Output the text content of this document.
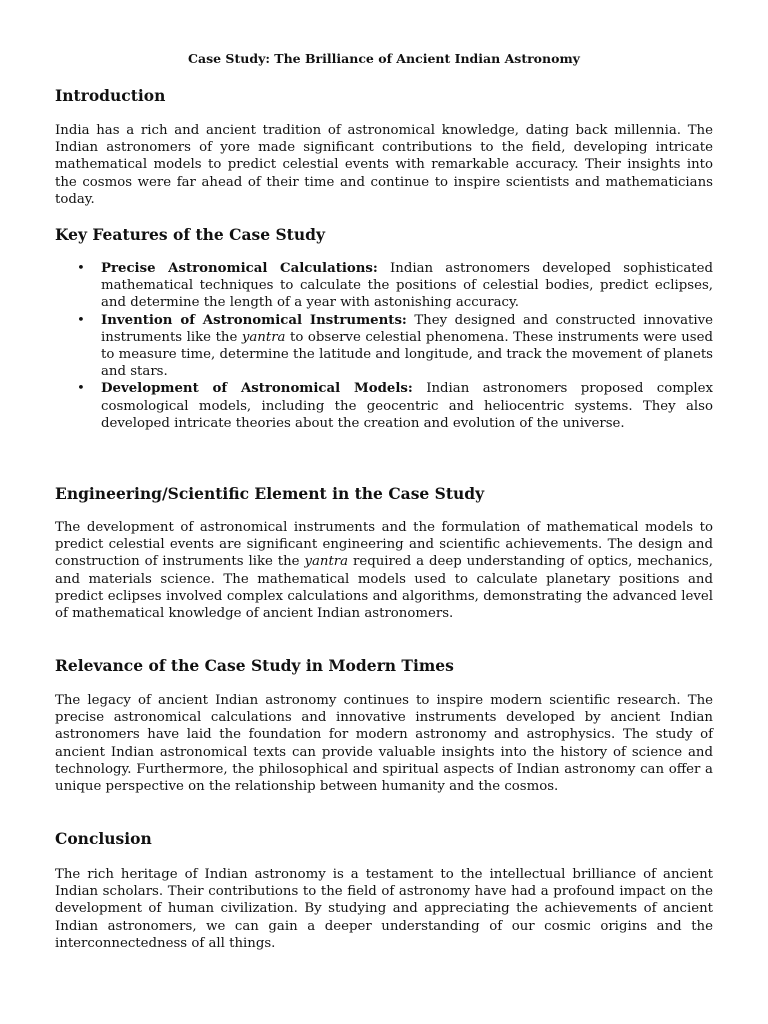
Case Study: The Brilliance of Ancient Indian Astronomy
Introduction

India has a rich and ancient tradition of astronomical knowledge, dating back millennia. The Indian astronomers of yore made significant contributions to the field, developing intricate mathematical models to predict celestial events with remarkable accuracy. Their insights into the cosmos were far ahead of their time and continue to inspire scientists and mathematicians today.

Key Features of the Case Study
• Precise Astronomical Calculations: Indian astronomers developed sophisticated mathematical techniques to calculate the positions of celestial bodies, predict eclipses, and determine the length of a year with astonishing accuracy.
• Invention of Astronomical Instruments: They designed and constructed innovative instruments like the yantra to observe celestial phenomena. These instruments were used to measure time, determine the latitude and longitude, and track the movement of planets and stars.
• Development of Astronomical Models: Indian astronomers proposed complex cosmological models, including the geocentric and heliocentric systems. They also developed intricate theories about the creation and evolution of the universe.
Engineering/Scientific Element in the Case Study

The development of astronomical instruments and the formulation of mathematical models to predict celestial events are significant engineering and scientific achievements. The design and construction of instruments like the yantra required a deep understanding of optics, mechanics, and materials science. The mathematical models used to calculate planetary positions and predict eclipses involved complex calculations and algorithms, demonstrating the advanced level of mathematical knowledge of ancient Indian astronomers.

Relevance of the Case Study in Modern Times

The legacy of ancient Indian astronomy continues to inspire modern scientific research. The precise astronomical calculations and innovative instruments developed by ancient Indian astronomers have laid the foundation for modern astronomy and astrophysics. The study of ancient Indian astronomical texts can provide valuable insights into the history of science and technology. Furthermore, the philosophical and spiritual aspects of Indian astronomy can offer a unique perspective on the relationship between humanity and the cosmos.

Conclusion

The rich heritage of Indian astronomy is a testament to the intellectual brilliance of ancient Indian scholars. Their contributions to the field of astronomy have had a profound impact on the development of human civilization. By studying and appreciating the achievements of ancient Indian astronomers, we can gain a deeper understanding of our cosmic origins and the interconnectedness of all things.
